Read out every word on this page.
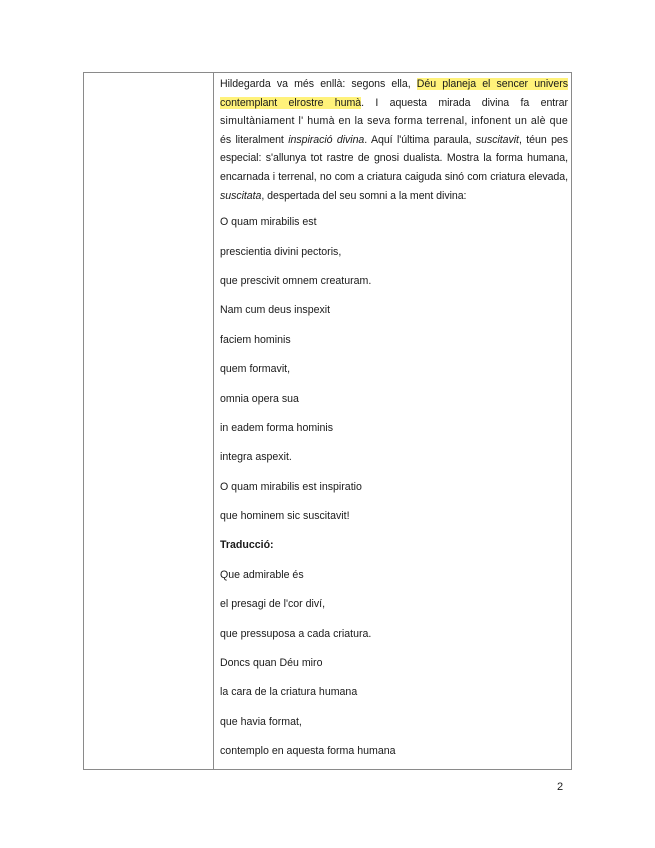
Hildegarda va més enllà: segons ella, Déu planeja el sencer univers contemplant elrostre humà. I aquesta mirada divina fa entrar simultàniament l' humà en la seva forma terrenal, infonent un alè que és literalment inspiració divina. Aquí l'última paraula, suscitavit, téun pes especial: s'allunya tot rastre de gnosi dualista. Mostra la forma humana, encarnada i terrenal, no com a criatura caiguda sinó com criatura elevada, suscitata, despertada del seu somni a la ment divina:

O quam mirabilis est

prescientia divini pectoris,

que prescivit omnem creaturam.

Nam cum deus inspexit

faciem hominis

quem formavit,

omnia opera sua

in eadem forma hominis

integra aspexit.

O quam mirabilis est inspiratio

que hominem sic suscitavit!

Traducció:

Que admirable és

el presagi de l'cor diví,

que pressuposa a cada criatura.

Doncs quan Déu miro

la cara de la criatura humana

que havia format,

contemplo en aquesta forma humana

2
